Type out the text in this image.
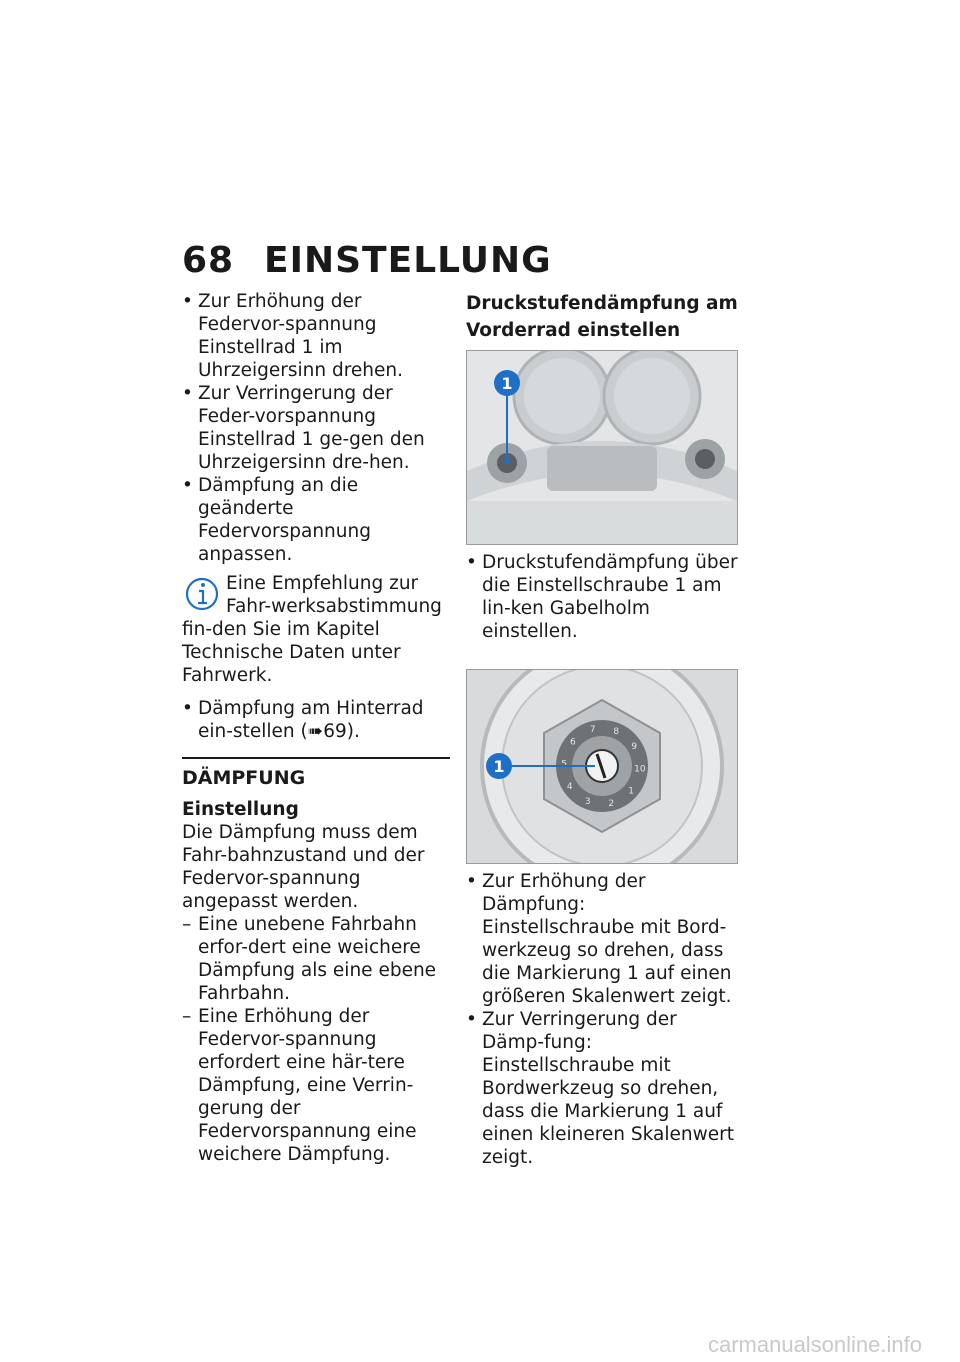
68 EINSTELLUNG
• Zur Erhöhung der Federvor-spannung Einstellrad 1 im Uhrzeigersinn drehen.
• Zur Verringerung der Feder-vorspannung Einstellrad 1 ge-gen den Uhrzeigersinn dre-hen.
• Dämpfung an die geänderte Federvorspannung anpassen.
Eine Empfehlung zur Fahr-werksabstimmung fin-den Sie im Kapitel Technische Daten unter Fahrwerk.
• Dämpfung am Hinterrad ein-stellen (➠69).
DÄMPFUNG
Einstellung
Die Dämpfung muss dem Fahr-bahnzustand und der Federvor-spannung angepasst werden.
– Eine unebene Fahrbahn erfor-dert eine weichere Dämpfung als eine ebene Fahrbahn.
– Eine Erhöhung der Federvor-spannung erfordert eine här-tere Dämpfung, eine Verrin-gerung der Federvorspannung eine weichere Dämpfung.
Druckstufendämpfung am
Vorderrad einstellen
1
• Druckstufendämpfung über die Einstellschraube 1 am lin-ken Gabelholm einstellen.
6
7 8
9
10
1
2
3
4
5
1
• Zur Erhöhung der Dämpfung: Einstellschraube mit Bord-werkzeug so drehen, dass die Markierung 1 auf einen größeren Skalenwert zeigt.
• Zur Verringerung der Dämp-fung: Einstellschraube mit Bordwerkzeug so drehen, dass die Markierung 1 auf einen kleineren Skalenwert zeigt.
carmanualsonline.info
